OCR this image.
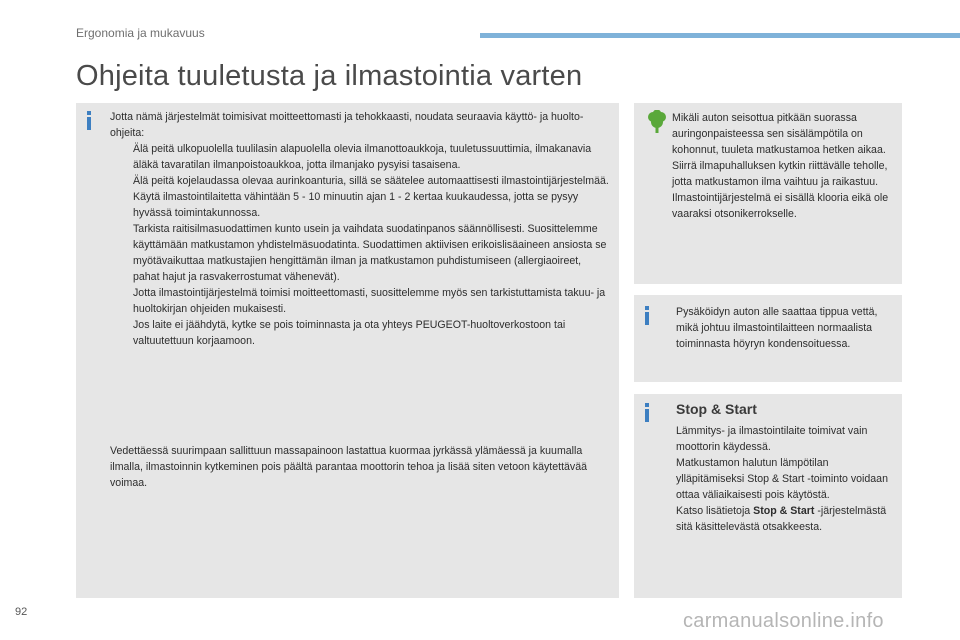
Ergonomia ja mukavuus
Ohjeita tuuletusta ja ilmastointia varten

Jotta nämä järjestelmät toimisivat moitteettomasti ja tehokkaasti, noudata seuraavia käyttö- ja huolto-ohjeita:

Älä peitä ulkopuolella tuulilasin alapuolella olevia ilmanottoaukkoja, tuuletussuuttimia, ilmakanavia äläkä tavaratilan ilmanpoistoaukkoa, jotta ilmanjako pysyisi tasaisena.
Älä peitä kojelaudassa olevaa aurinkoanturia, sillä se säätelee automaattisesti ilmastointijärjestelmää.
Käytä ilmastointilaitetta vähintään 5 - 10 minuutin ajan 1 - 2 kertaa kuukaudessa, jotta se pysyy hyvässä toimintakunnossa.
Tarkista raitisilmasuodattimen kunto usein ja vaihdata suodatinpanos säännöllisesti. Suosittelemme käyttämään matkustamon yhdistelmäsuodatinta. Suodattimen aktiivisen erikoislisäaineen ansiosta se myötävaikuttaa matkustajien hengittämän ilman ja matkustamon puhdistumiseen (allergiaoireet, pahat hajut ja rasvakerrostumat vähenevät).
Jotta ilmastointijärjestelmä toimisi moitteettomasti, suosittelemme myös sen tarkistuttamista takuu- ja huoltokirjan ohjeiden mukaisesti.
Jos laite ei jäähdytä, kytke se pois toiminnasta ja ota yhteys PEUGEOT-huoltoverkostoon tai valtuutettuun korjaamoon.

Vedettäessä suurimpaan sallittuun massapainoon lastattua kuormaa jyrkässä ylämäessä ja kuumalla ilmalla, ilmastoinnin kytkeminen pois päältä parantaa moottorin tehoa ja lisää siten vetoon käytettävää voimaa.

Mikäli auton seisottua pitkään suorassa auringonpaisteessa sen sisälämpötila on kohonnut, tuuleta matkustamoa hetken aikaa.

Siirrä ilmapuhalluksen kytkin riittävälle teholle, jotta matkustamon ilma vaihtuu ja raikastuu.

Ilmastointijärjestelmä ei sisällä klooria eikä ole vaaraksi otsonikerrokselle.

Pysäköidyn auton alle saattaa tippua vettä, mikä johtuu ilmastointilaitteen normaalista toiminnasta höyryn kondensoituessa.

Stop & Start

Lämmitys- ja ilmastointilaite toimivat vain moottorin käydessä.

Matkustamon halutun lämpötilan ylläpitämiseksi Stop & Start -toiminto voidaan ottaa väliaikaisesti pois käytöstä.

Katso lisätietoja Stop & Start -järjestelmästä sitä käsittelevästä otsakkeesta.

92	carmanualsonline.info
